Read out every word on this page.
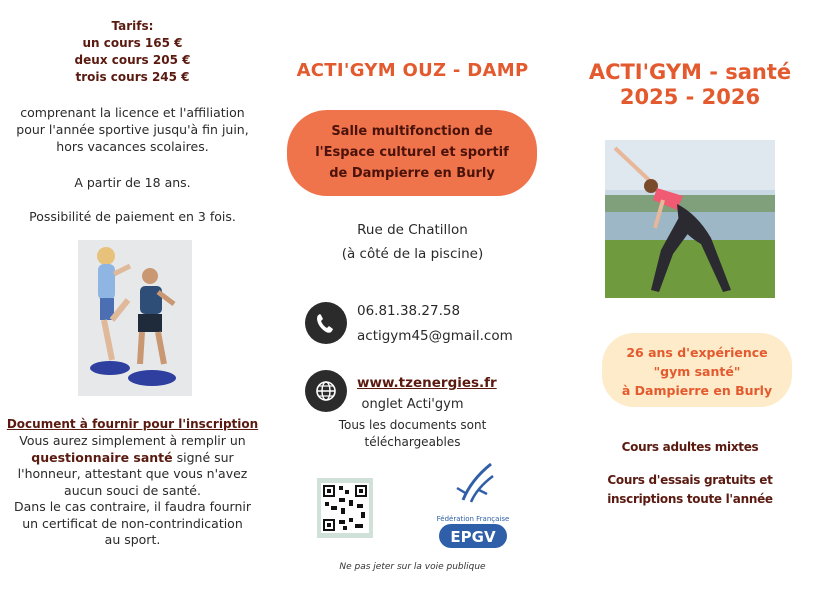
Tarifs:
un cours 165 €
deux cours 205 €
trois cours 245 €
comprenant la licence et l'affiliation
pour l'année sportive jusqu'à fin juin,
hors vacances scolaires.
A partir de 18 ans.
Possibilité de paiement en 3 fois.
Document à fournir pour l'inscription
Vous aurez simplement à remplir un
questionnaire santé signé sur
l'honneur, attestant que vous n'avez
aucun souci de santé.
Dans le cas contraire, il faudra fournir
un certificat de non-contrindication
au sport.
ACTI'GYM OUZ - DAMP
Salle multifonction de
l'Espace culturel et sportif
de Dampierre en Burly
Rue de Chatillon
(à côté de la piscine)
06.81.38.27.58
actigym45@gmail.com
www.tzenergies.fr
onglet Acti'gym
Tous les documents sont
téléchargeables
Fédération Française
EPGV
Ne pas jeter sur la voie publique
ACTI'GYM - santé
2025 - 2026
26 ans d'expérience
"gym santé"
à Dampierre en Burly
Cours adultes mixtes
Cours d'essais gratuits et
inscriptions toute l'année
